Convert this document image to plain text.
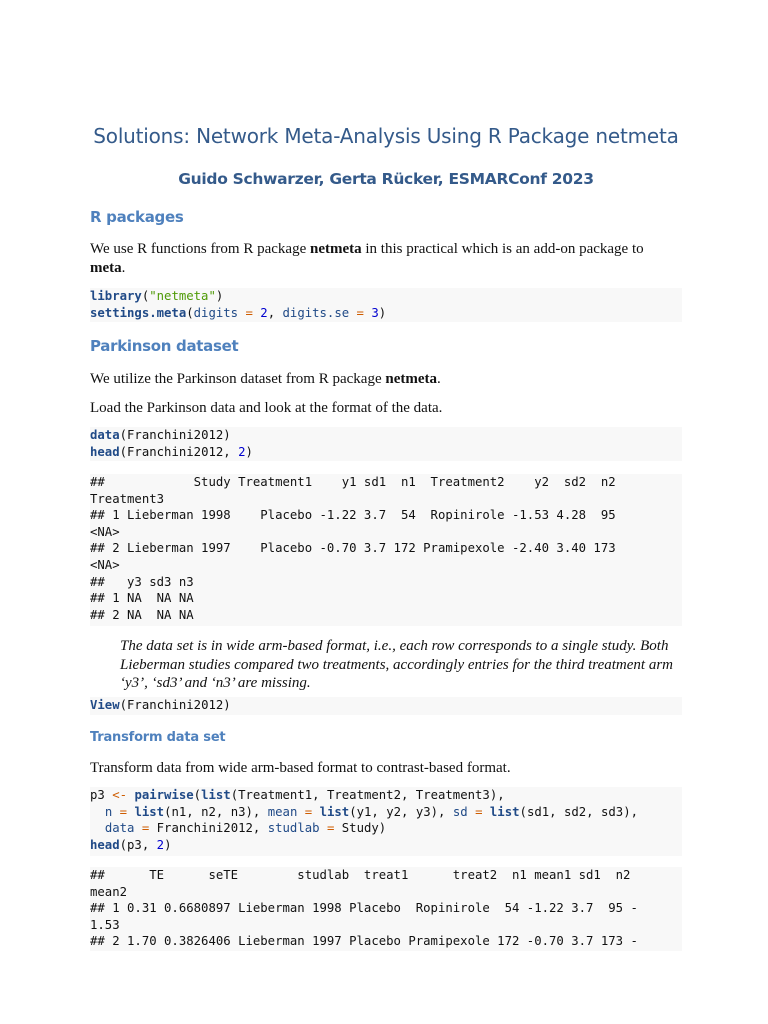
Solutions: Network Meta-Analysis Using R Package netmeta
Guido Schwarzer, Gerta Rücker, ESMARConf 2023
R packages

We use R functions from R package netmeta in this practical which is an add-on package to meta.

library("netmeta")
settings.meta(digits = 2, digits.se = 3)
Parkinson dataset

We utilize the Parkinson dataset from R package netmeta.

Load the Parkinson data and look at the format of the data.

data(Franchini2012)
head(Franchini2012, 2)
##            Study Treatment1    y1 sd1  n1  Treatment2    y2  sd2  n2
Treatment3
## 1 Lieberman 1998    Placebo -1.22 3.7  54  Ropinirole -1.53 4.28  95
<NA>
## 2 Lieberman 1997    Placebo -0.70 3.7 172 Pramipexole -2.40 3.40 173
<NA>
##   y3 sd3 n3
## 1 NA  NA NA
## 2 NA  NA NA

The data set is in wide arm-based format, i.e., each row corresponds to a single study. Both Lieberman studies compared two treatments, accordingly entries for the third treatment arm ‘y3’, ‘sd3’ and ‘n3’ are missing.

View(Franchini2012)
Transform data set

Transform data from wide arm-based format to contrast-based format.

p3 <- pairwise(list(Treatment1, Treatment2, Treatment3),
n = list(n1, n2, n3), mean = list(y1, y2, y3), sd = list(sd1, sd2, sd3),
data = Franchini2012, studlab = Study)
head(p3, 2)
##      TE      seTE        studlab  treat1      treat2  n1 mean1 sd1  n2
mean2
## 1 0.31 0.6680897 Lieberman 1998 Placebo  Ropinirole  54 -1.22 3.7  95 -
1.53
## 2 1.70 0.3826406 Lieberman 1997 Placebo Pramipexole 172 -0.70 3.7 173 -
